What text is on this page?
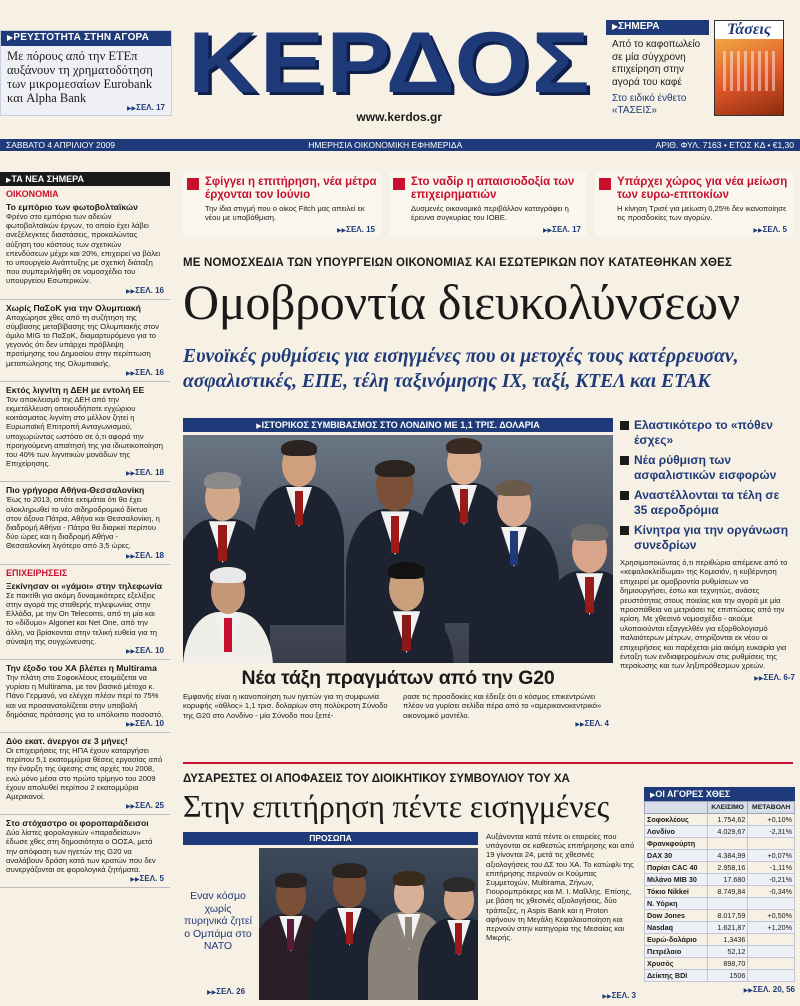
▶ ΡΕΥΣΤΟΤΗΤΑ ΣΤΗΝ ΑΓΟΡΑ
Με πόρους από την ΕΤΕπ αυξάνουν τη χρηματοδότηση των μικρομεσαίων Eurobank και Alpha Bank
▶▶ ΣΕΛ. 17 ΚΕΡΔΟΣ
www.kerdos.gr
▶ ΣΗΜΕΡΑ
Από το καφοπωλείο σε μία σύγχρονη επιχείρηση στην αγορά του καφέ
Στο ειδικό ένθετο «ΤΑΣΕΙΣ»
Τάσεις
ΣΑΒΒΑΤΟ 4 ΑΠΡΙΛΙΟΥ 2009	ΗΜΕΡΗΣΙΑ ΟΙΚΟΝΟΜΙΚΗ ΕΦΗΜΕΡΙΔΑ	ΑΡΙΘ. ΦΥΛ. 7163 • ΕΤΟΣ ΚΔ • €1,30
▶ ΤΑ ΝΕΑ ΣΗΜΕΡΑ
ΟΙΚΟΝΟΜΙΑ
Το εμπόριο των φωτοβολταϊκών
Φρένο στο εμπόριο των αδειών φωτοβολταϊκών έργων, το οποίο έχει λάβει ανεξέλεγκτες διαστάσεις, προκαλώντας αύξηση του κόστους των σχετικών επενδύσεων μέχρι και 20%, επιχειρεί να βάλει το υπουργείο Ανάπτυξης με σχετική διάταξη που συμπεριλήφθη σε νομοσχέδιο του υπουργείου Εσωτερικών.
▶▶ ΣΕΛ. 16
Χωρίς ΠαΣοΚ για την Ολυμπιακή
Αποχώρησε χθες από τη συζήτηση της σύμβασης μεταβίβασης της Ολυμπιακής στον όμιλο MIG το ΠαΣοΚ, διαμαρτυρόμενο για το γεγονός ότι δεν υπάρχει πρόβλεψη προτίμησης του Δημοσίου στην περίπτωση μεταπώλησης της Ολυμπιακής.
▶▶ ΣΕΛ. 16
Εκτός λιγνίτη η ΔΕΗ με εντολή ΕΕ
Τον αποκλεισμό της ΔΕΗ από την εκμετάλλευση οποιουδήποτε εγχώριου κοιτάσματος λιγνίτη στο μέλλον ζητεί η Ευρωπαϊκή Επιτροπή Ανταγωνισμού, υποχωρώντας ωστόσο σε ό,τι αφορά την προηγούμενη απαίτησή της για ιδιωτικοποίηση του 40% των λιγνιτικών μονάδων της Επιχείρησης.
▶▶ ΣΕΛ. 18
Πιο γρήγορα Αθήνα-Θεσσαλονίκη
Έως το 2013, οπότε εκτιμάται ότι θα έχει ολοκληρωθεί το νέο σιδηροδρομικό δίκτυο στον άξονα Πάτρα, Αθήνα και Θεσσαλονίκη, η διαδρομή Αθήνα - Πάτρα θα διαρκεί περίπου δύο ώρες και η διαδρομή Αθήνα - Θεσσαλονίκη λιγότερο από 3,5 ώρες.
▶▶ ΣΕΛ. 18
ΕΠΙΧΕΙΡΗΣΕΙΣ
Ξεκίνησαν οι «γάμοι» στην τηλεφωνία
Σε πακτίθι για ακόμη δυναμικότερες εξελίξεις στην αγορά της σταθερής τηλεφωνίας στην Ελλάδα, με την On Telecoms, από τη μία και το «δίδυμο» Algonet και Net One, από την άλλη, να βρίσκονται στην τελική ευθεία για τη σύναψη της συγχώνευσης.
▶▶ ΣΕΛ. 10
Την έξοδο του ΧΑ βλέπει η Multirama
Την πλάτη στο Σοφοκλέους ετοιμάζεται να γυρίσει η Multirama, με τον βασικό μέτοχο κ. Πάνο Γερμανό, να ελέγχει πλέον περί το 75% και να προσανατολίζεται στην υποβολή δημόσιας πρότασης για το υπόλοιπο ποσοστό.
▶▶ ΣΕΛ. 10
Δύο εκατ. άνεργοι σε 3 μήνες!
Οι επιχειρήσεις της ΗΠΑ έχουν καταργήσει περίπου 5,1 εκατομμύρια θέσεις εργασίας από την έναρξη της ύφεσης στις αρχές του 2008, ενώ μόνο μέσα στο πρώτο τρίμηνο του 2009 έχουν απολυθεί περίπου 2 εκατομμύρια Αμερικανοί.
▶▶ ΣΕΛ. 25
Στο στόχαστρο οι φοροπαράδεισοι
Δύο λίστες φορολογικών «παραδείσων» έδωσε χθες στη δημοσιότητα ο ΟΟΣΑ, μετά την απόφαση των ηγετών της G20 να αναλάβουν δράση κατά των κρατών που δεν συνεργάζονται σε φορολογικά ζητήματα.
▶▶ ΣΕΛ. 5
Σφίγγει η επιτήρηση, νέα μέτρα έρχονται τον Ιούνιο
Την ίδια στιγμή που ο οίκος Fitch μας απειλεί εκ νέου με υποβάθμιση.
▶▶ ΣΕΛ. 15
Στο ναδίρ η απαισιοδοξία των επιχειρηματιών
Δυσμενές οικονομικό περιβάλλον καταγράφει η έρευνα συγκυρίας του ΙΟΒΕ.
▶▶ ΣΕΛ. 17
Υπάρχει χώρος για νέα μείωση των ευρω-επιτοκίων
Η κίνηση Τρισέ για μείωση 0,25% δεν ικανοποίησε τις προσδοκίες των αγορών.
▶▶ ΣΕΛ. 5
ΜΕ ΝΟΜΟΣΧΕΔΙΑ ΤΩΝ ΥΠΟΥΡΓΕΙΩΝ ΟΙΚΟΝΟΜΙΑΣ ΚΑΙ ΕΣΩΤΕΡΙΚΩΝ ΠΟΥ ΚΑΤΑΤΕΘΗΚΑΝ ΧΘΕΣ
Ομοβροντία διευκολύνσεων
Ευνοϊκές ρυθμίσεις για εισηγμένες που οι μετοχές τους κατέρρευσαν, ασφαλιστικές, ΕΠΕ, τέλη ταξινόμησης ΙΧ, ταξί, ΚΤΕΛ και ΕΤΑΚ
▶ ΙΣΤΟΡΙΚΟΣ ΣΥΜΒΙΒΑΣΜΟΣ ΣΤΟ ΛΟΝΔΙΝΟ ΜΕ 1,1 ΤΡΙΣ. ΔΟΛΑΡΙΑ
Νέα τάξη πραγμάτων από την G20
Εμφανής είναι η ικανοποίηση των ηγετών για τη συμφωνία κορυφής «άθλος» 1,1 τρισ. δολαρίων στη πολύκροτη Σύνοδο της G20 στο Λονδίνο - μία Σύνοδο που ξεπέ-
ρασε τις προσδοκίες και έδειξε ότι ο κόσμος επικεντρώνει πλέον να γυρίσει σελίδα πέρα από το «αμερικανοκεντρικό» οικονομικό μοντέλο.
▶▶ ΣΕΛ. 4
Ελαστικότερο το «πόθεν έσχες»
Νέα ρύθμιση των ασφαλιστικών εισφορών
Αναστέλλονται τα τέλη σε 35 αεροδρόμια
Κίνητρα για την οργάνωση συνεδρίων
Χρησιμοποιώντας ό,τι περιθώριο απέμεινε από το «κεφαλοκλείδωμα» της Κομισιόν, η κυβέρνηση επιχειρεί με ομοβροντία ρυθμίσεων να δημιουργήσει, έστω και τεχνητώς, ανάσες ρευστότητας στους ποιείας και την αγορά με μία προσπάθεια να μετριάσει τις επιπτώσεις από την κρίση. Με χθεσινό νομοσχέδιο - ακούμε υλοποιούνται εξαγγελθέν για εξορθολογισμό παλαιότερων μέτρων, στηρίζονται εκ νέου οι επιχειρήσεις και παρέχεται μία ακόμη ευκαιρία για ένταξη των ενδιαφερομένων στις ρυθμίσεις της περαίωσης και των ληξιπρόθεσμων χρεών.
▶▶ ΣΕΛ. 6-7
ΔΥΣΑΡΕΣΤΕΣ ΟΙ ΑΠΟΦΑΣΕΙΣ ΤΟΥ ΔΙΟΙΚΗΤΙΚΟΥ ΣΥΜΒΟΥΛΙΟΥ ΤΟΥ ΧΑ
Στην επιτήρηση πέντε εισηγμένες
ΠΡΟΣΩΠΑ
Εναν κόσμο χωρίς πυρηνικά ζητεί ο Ομπάμα στο ΝΑΤΟ
▶▶ ΣΕΛ. 26
Αυξάνονται κατά πέντε οι εταιρείες που υπάγονται σε καθεστώς επιτήρησης και από 19 γίνονται 24, μετά τις χθεσινές αξιολογήσεις του ΔΣ του ΧΑ. Το κατώφλι της επιτήρησης περνούν οι Κούμπας Συμμετοχών, Multirama, Ζήνων, Γιουρομπρόκερς και Μ. Ι. Μαΐλλης. Επίσης, με βάση τις χθεσινές αξιολογήσεις, δύο τράπεζες, η Aspis Bank και η Proton αφήνουν τη Μεγάλη Κεφαλαιοποίηση και περνούν στην κατηγορία της Μεσαίας και Μικρής.
▶▶ ΣΕΛ. 3
▶ ΟΙ ΑΓΟΡΕΣ ΧΘΕΣ
	ΚΛΕΙΣΙΜΟ	ΜΕΤΑΒΟΛΗ
Σοφοκλέους	1.754,62	+0,10%
Λονδίνο	4.029,67	-2,31%
Φρανκφούρτη		
DAX 30	4.384,99	+0,07%
Παρίσι CAC 40	2.958,16	-1,11%
Μιλάνο MIB 30	17.680	-0,21%
Τόκιο Nikkei	8.749,84	-0,34%
Ν. Υόρκη		
Dow Jones	8.017,59	+0,50%
Nasdaq	1.621,87	+1,20%
Ευρώ-δολάριο	1,3436	
Πετρέλαιο	52,12	
Χρυσός	898,70	
Δείκτης BDI	1506	
▶▶ ΣΕΛ. 20, 56
